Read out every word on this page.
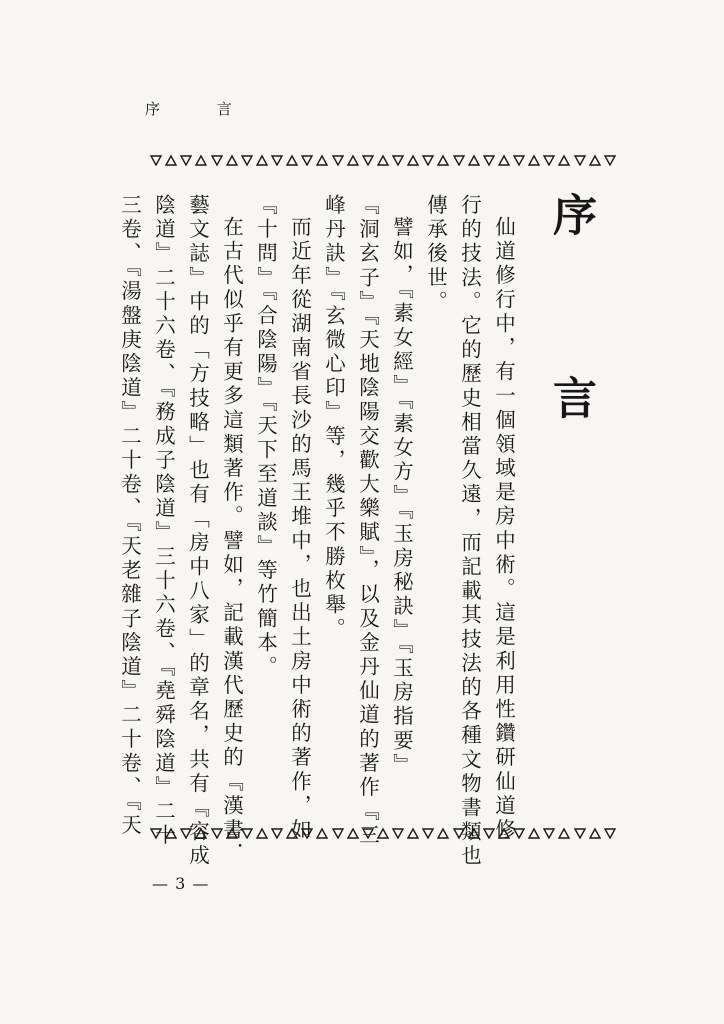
序 言
序 言
仙道修行中，有一個領域是房中術。這是利用性鑽研仙道修
行的技法。它的歷史相當久遠，而記載其技法的各種文物書類也
傳承後世。
譬如，『素女經』『素女方』『玉房秘訣』『玉房指要』
『洞玄子』『天地陰陽交歡大樂賦』，以及金丹仙道的著作『三
峰丹訣』『玄微心印』等，幾乎不勝枚舉。
而近年從湖南省長沙的馬王堆中，也出土房中術的著作，如
『十問』『合陰陽』『天下至道談』等竹簡本。
在古代似乎有更多這類著作。譬如，記載漢代歷史的『漢書．
藝文誌』中的「方技略」也有「房中八家」的章名，共有『容成
陰道』二十六卷、『務成子陰道』三十六卷、『堯舜陰道』二十
三卷、『湯盤庚陰道』二十卷、『天老雜子陰道』二十卷、『天
— 3 —
